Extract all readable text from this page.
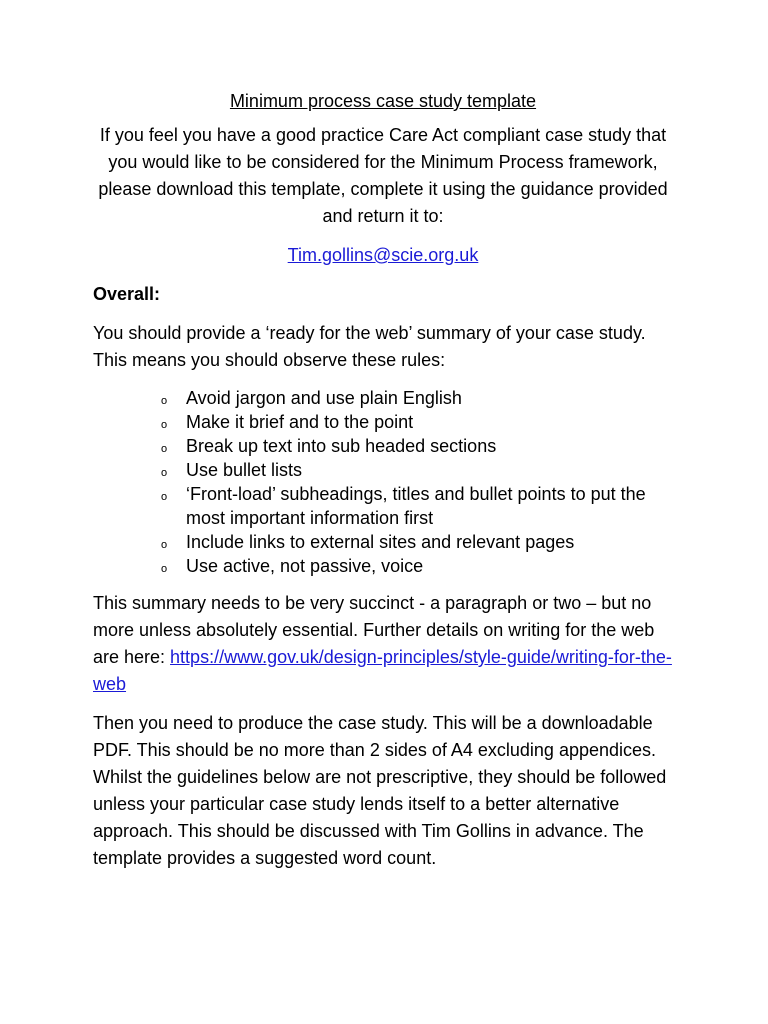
Minimum process case study template
If you feel you have a good practice Care Act compliant case study that you would like to be considered for the Minimum Process framework, please download this template, complete it using the guidance provided and return it to:
Tim.gollins@scie.org.uk
Overall:

You should provide a ‘ready for the web’ summary of your case study. This means you should observe these rules:

o Avoid jargon and use plain English
o Make it brief and to the point
o Break up text into sub headed sections
o Use bullet lists
o ‘Front-load’ subheadings, titles and bullet points to put the most important information first
o Include links to external sites and relevant pages
o Use active, not passive, voice

This summary needs to be very succinct - a paragraph or two – but no more unless absolutely essential. Further details on writing for the web are here: https://www.gov.uk/design-principles/style-guide/writing-for-the-web

Then you need to produce the case study. This will be a downloadable PDF. This should be no more than 2 sides of A4 excluding appendices. Whilst the guidelines below are not prescriptive, they should be followed unless your particular case study lends itself to a better alternative approach. This should be discussed with Tim Gollins in advance. The template provides a suggested word count.
